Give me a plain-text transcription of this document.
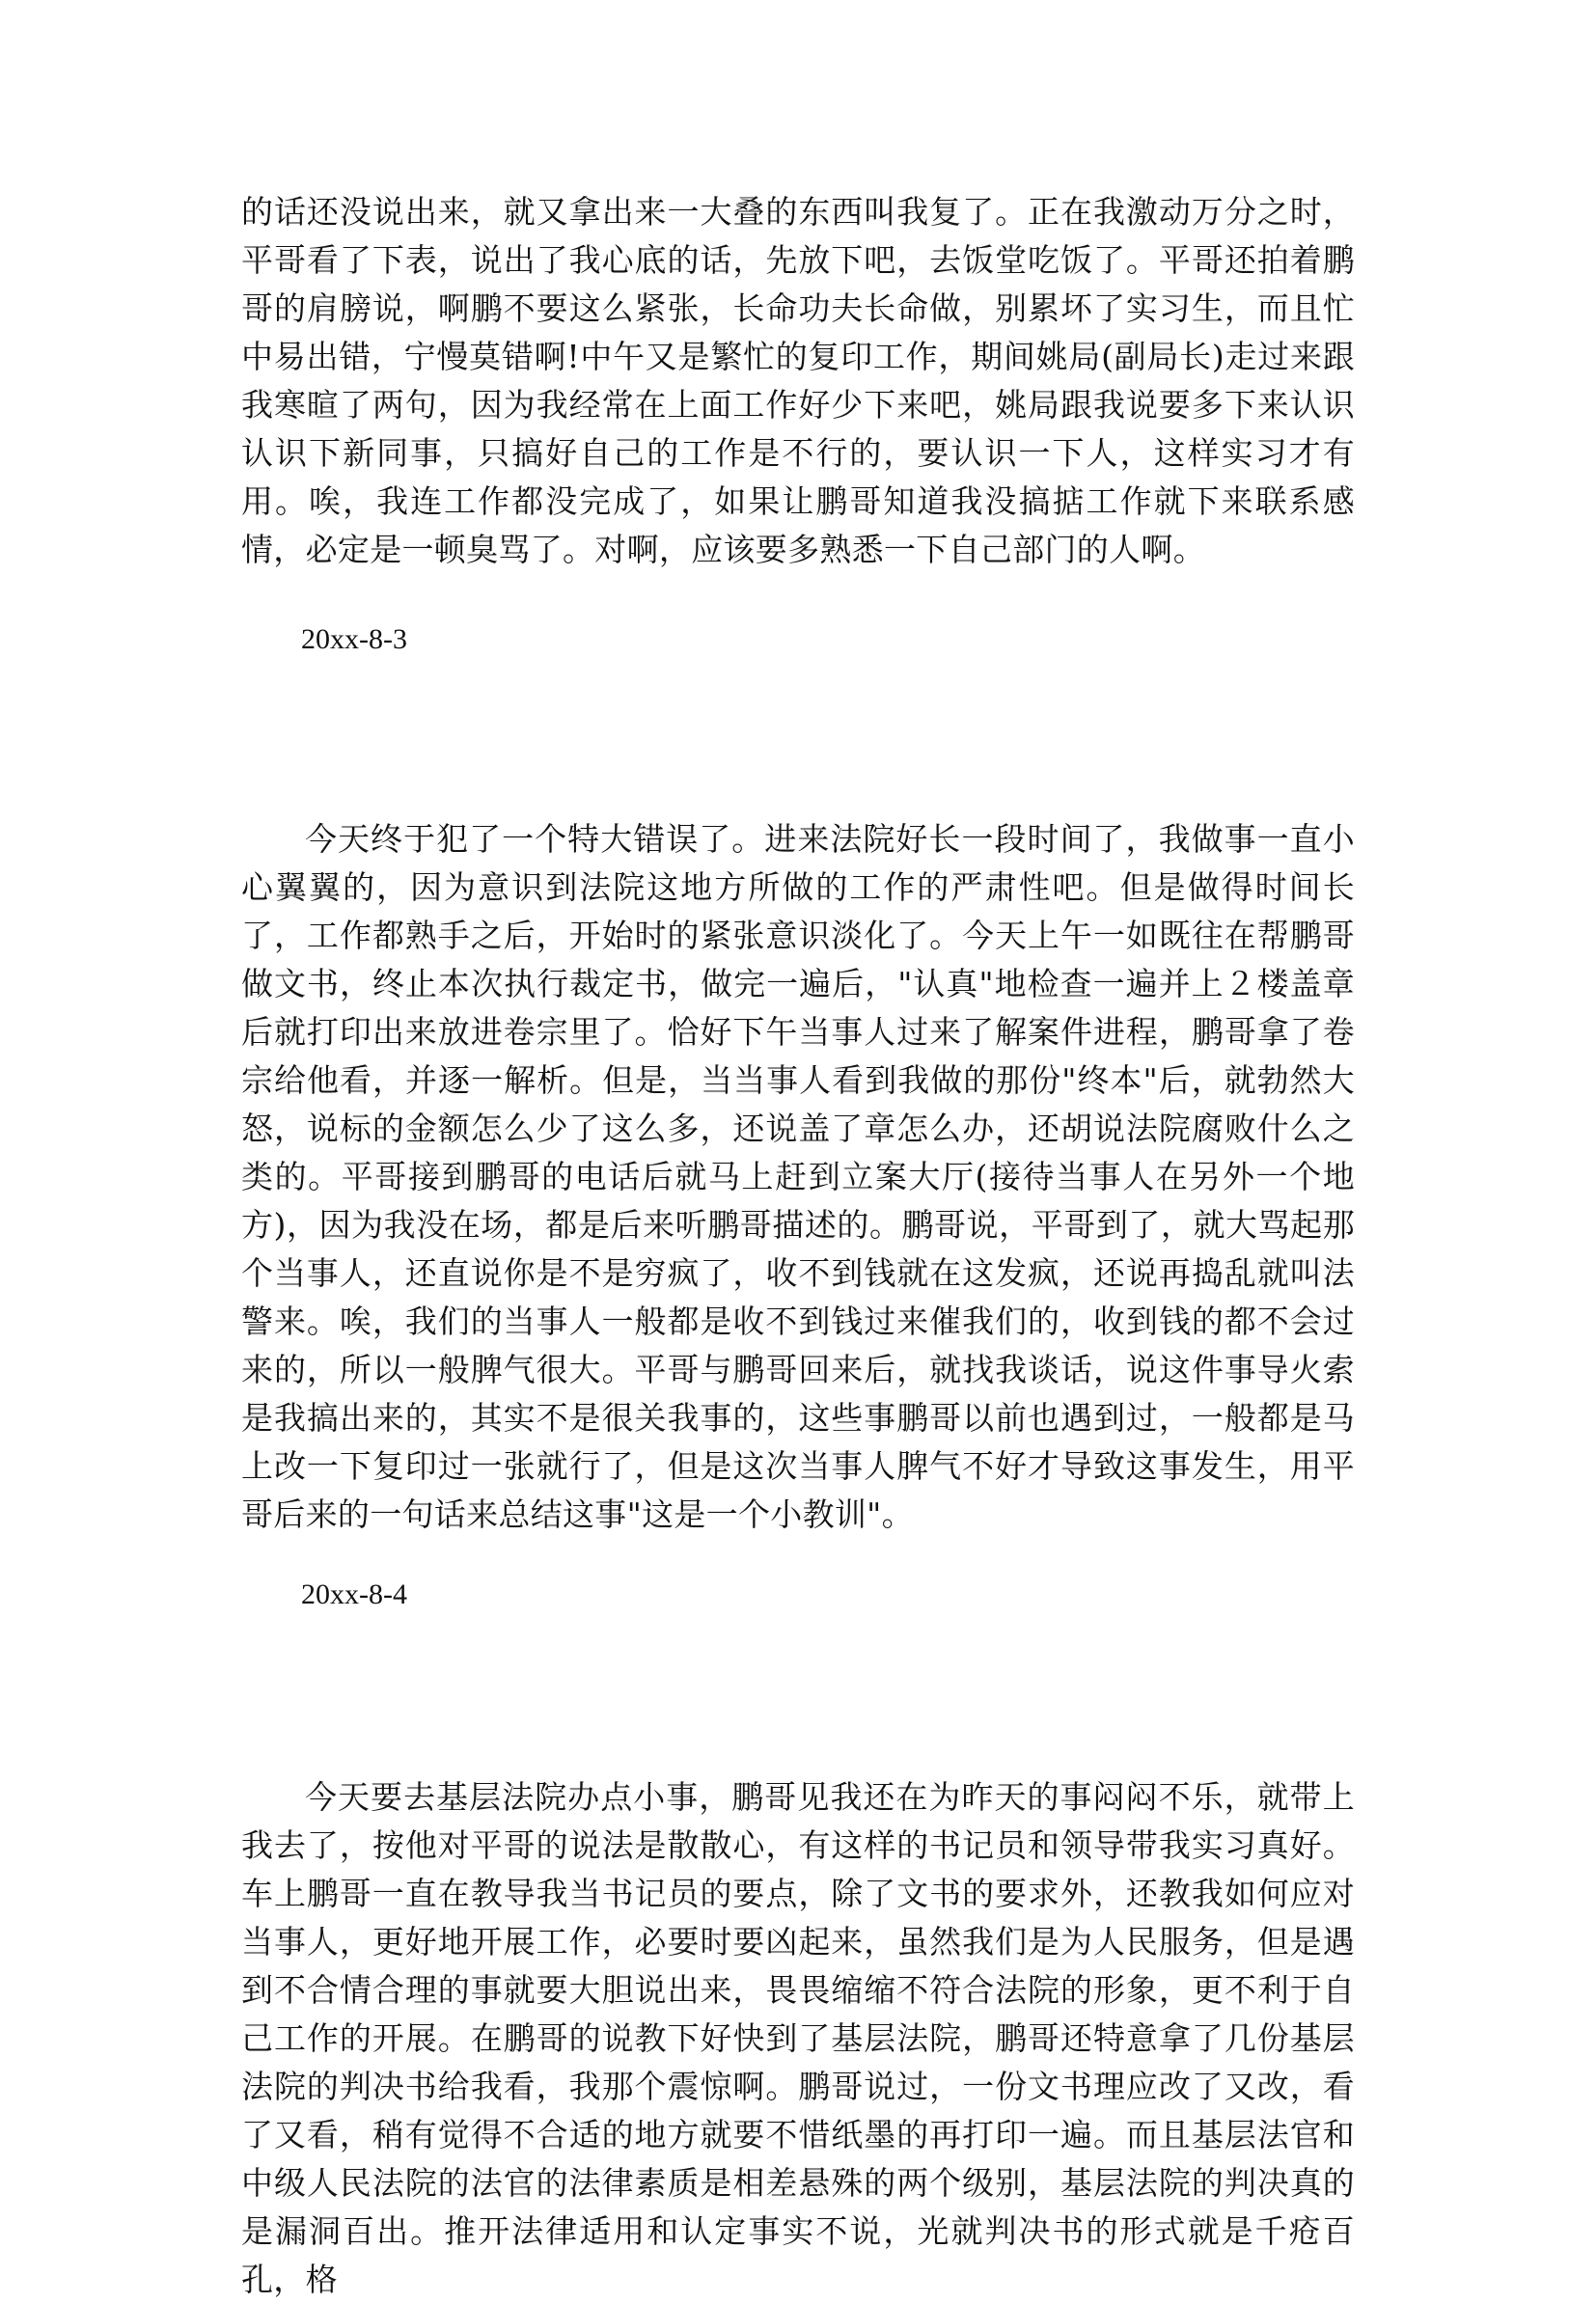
的话还没说出来，就又拿出来一大叠的东西叫我复了。正在我激动万分之时，平哥看了下表，说出了我心底的话，先放下吧，去饭堂吃饭了。平哥还拍着鹏哥的肩膀说，啊鹏不要这么紧张，长命功夫长命做，别累坏了实习生，而且忙中易出错，宁慢莫错啊!中午又是繁忙的复印工作，期间姚局(副局长)走过来跟我寒暄了两句，因为我经常在上面工作好少下来吧，姚局跟我说要多下来认识认识下新同事，只搞好自己的工作是不行的，要认识一下人，这样实习才有用。唉，我连工作都没完成了，如果让鹏哥知道我没搞掂工作就下来联系感情，必定是一顿臭骂了。对啊，应该要多熟悉一下自己部门的人啊。

20xx-8-3

今天终于犯了一个特大错误了。进来法院好长一段时间了，我做事一直小心翼翼的，因为意识到法院这地方所做的工作的严肃性吧。但是做得时间长了，工作都熟手之后，开始时的紧张意识淡化了。今天上午一如既往在帮鹏哥做文书，终止本次执行裁定书，做完一遍后，"认真"地检查一遍并上２楼盖章后就打印出来放进卷宗里了。恰好下午当事人过来了解案件进程，鹏哥拿了卷宗给他看，并逐一解析。但是，当当事人看到我做的那份"终本"后，就勃然大怒，说标的金额怎么少了这么多，还说盖了章怎么办，还胡说法院腐败什么之类的。平哥接到鹏哥的电话后就马上赶到立案大厅(接待当事人在另外一个地方)，因为我没在场，都是后来听鹏哥描述的。鹏哥说，平哥到了，就大骂起那个当事人，还直说你是不是穷疯了，收不到钱就在这发疯，还说再捣乱就叫法警来。唉，我们的当事人一般都是收不到钱过来催我们的，收到钱的都不会过来的，所以一般脾气很大。平哥与鹏哥回来后，就找我谈话，说这件事导火索是我搞出来的，其实不是很关我事的，这些事鹏哥以前也遇到过，一般都是马上改一下复印过一张就行了，但是这次当事人脾气不好才导致这事发生，用平哥后来的一句话来总结这事"这是一个小教训"。

20xx-8-4

今天要去基层法院办点小事，鹏哥见我还在为昨天的事闷闷不乐，就带上我去了，按他对平哥的说法是散散心，有这样的书记员和领导带我实习真好。车上鹏哥一直在教导我当书记员的要点，除了文书的要求外，还教我如何应对当事人，更好地开展工作，必要时要凶起来，虽然我们是为人民服务，但是遇到不合情合理的事就要大胆说出来，畏畏缩缩不符合法院的形象，更不利于自己工作的开展。在鹏哥的说教下好快到了基层法院，鹏哥还特意拿了几份基层法院的判决书给我看，我那个震惊啊。鹏哥说过，一份文书理应改了又改，看了又看，稍有觉得不合适的地方就要不惜纸墨的再打印一遍。而且基层法官和中级人民法院的法官的法律素质是相差悬殊的两个级别，基层法院的判决真的是漏洞百出。推开法律适用和认定事实不说，光就判决书的形式就是千疮百孔，格
